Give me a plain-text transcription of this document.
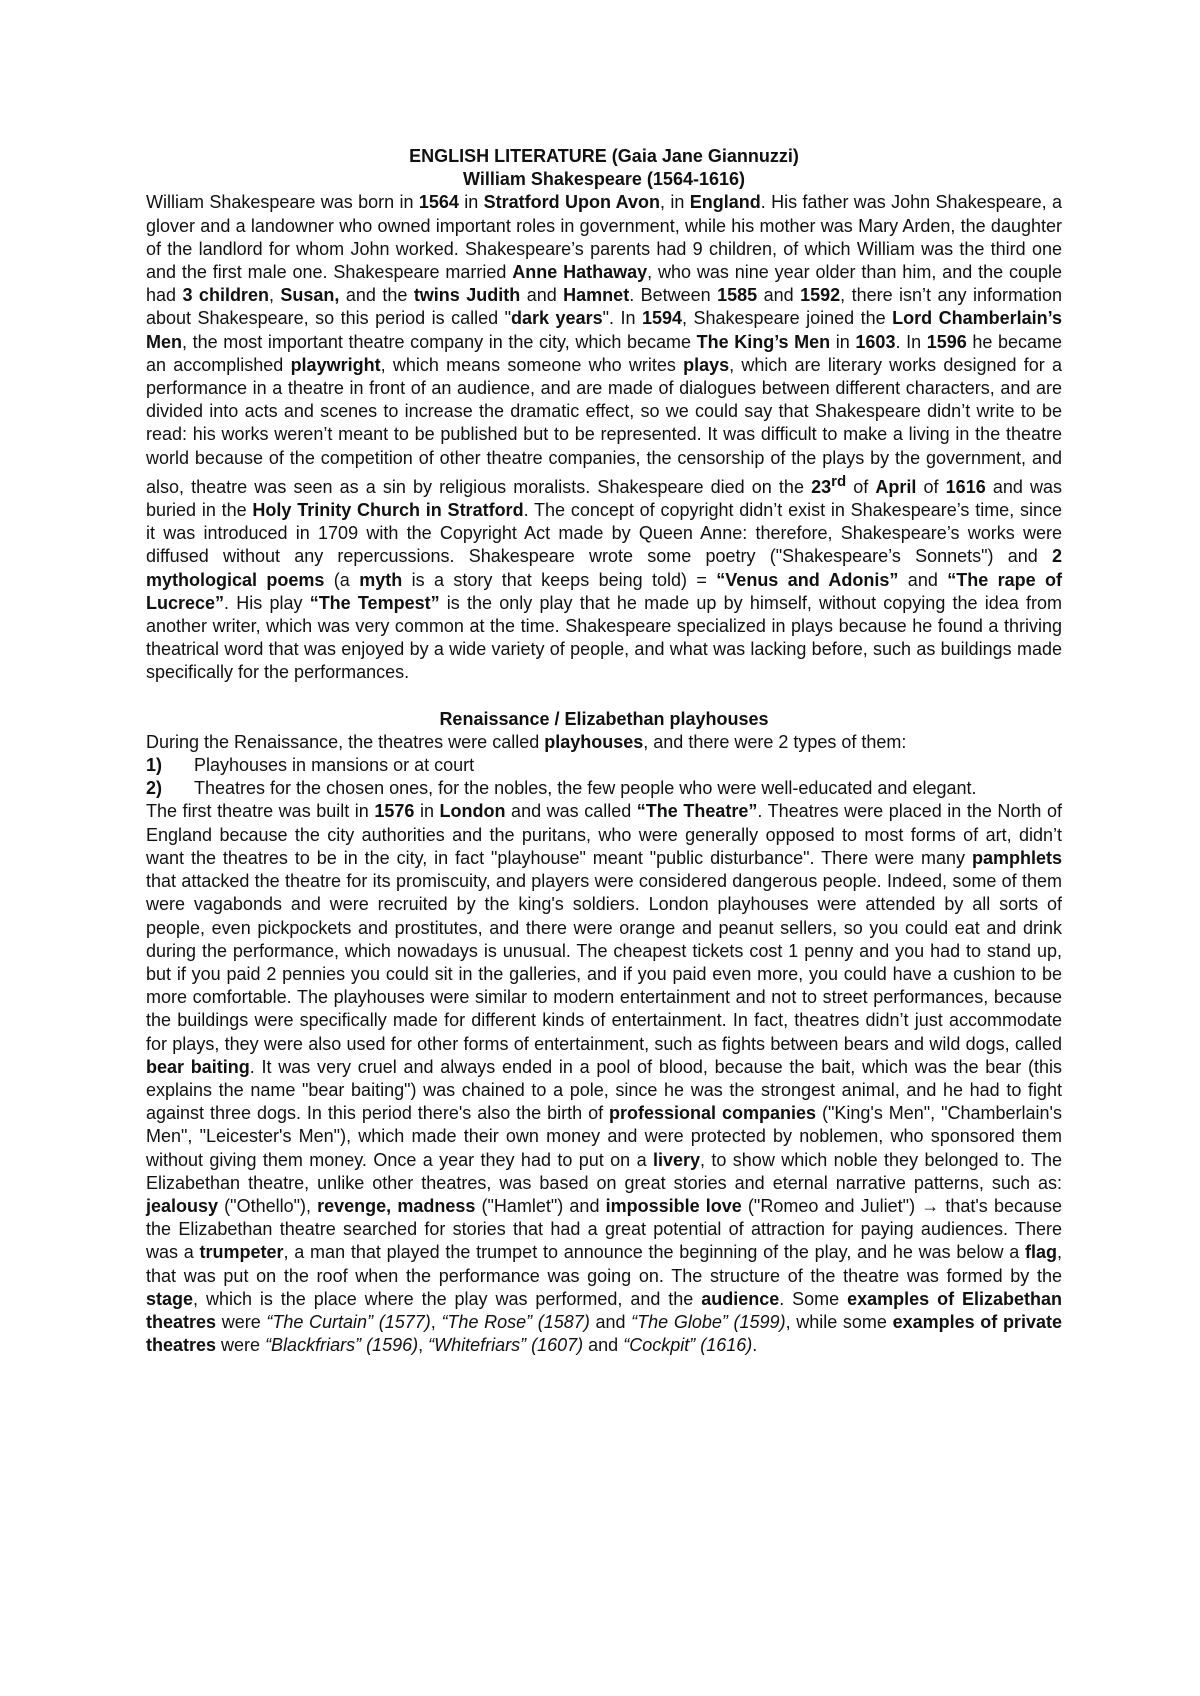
ENGLISH LITERATURE (Gaia Jane Giannuzzi)
William Shakespeare (1564-1616)

William Shakespeare was born in 1564 in Stratford Upon Avon, in England. His father was John Shakespeare, a glover and a landowner who owned important roles in government, while his mother was Mary Arden, the daughter of the landlord for whom John worked. Shakespeare’s parents had 9 children, of which William was the third one and the first male one. Shakespeare married Anne Hathaway, who was nine year older than him, and the couple had 3 children, Susan, and the twins Judith and Hamnet. Between 1585 and 1592, there isn’t any information about Shakespeare, so this period is called "dark years". In 1594, Shakespeare joined the Lord Chamberlain’s Men, the most important theatre company in the city, which became The King’s Men in 1603. In 1596 he became an accomplished playwright, which means someone who writes plays, which are literary works designed for a performance in a theatre in front of an audience, and are made of dialogues between different characters, and are divided into acts and scenes to increase the dramatic effect, so we could say that Shakespeare didn’t write to be read: his works weren’t meant to be published but to be represented. It was difficult to make a living in the theatre world because of the competition of other theatre companies, the censorship of the plays by the government, and also, theatre was seen as a sin by religious moralists. Shakespeare died on the 23rd of April of 1616 and was buried in the Holy Trinity Church in Stratford. The concept of copyright didn’t exist in Shakespeare’s time, since it was introduced in 1709 with the Copyright Act made by Queen Anne: therefore, Shakespeare’s works were diffused without any repercussions. Shakespeare wrote some poetry ("Shakespeare’s Sonnets") and 2 mythological poems (a myth is a story that keeps being told) = “Venus and Adonis” and “The rape of Lucrece”. His play “The Tempest” is the only play that he made up by himself, without copying the idea from another writer, which was very common at the time. Shakespeare specialized in plays because he found a thriving theatrical word that was enjoyed by a wide variety of people, and what was lacking before, such as buildings made specifically for the performances.

Renaissance / Elizabethan playhouses

During the Renaissance, the theatres were called playhouses, and there were 2 types of them:

1)	Playhouses in mansions or at court
2)	Theatres for the chosen ones, for the nobles, the few people who were well-educated and elegant.

The first theatre was built in 1576 in London and was called “The Theatre”. Theatres were placed in the North of England because the city authorities and the puritans, who were generally opposed to most forms of art, didn’t want the theatres to be in the city, in fact "playhouse" meant "public disturbance". There were many pamphlets that attacked the theatre for its promiscuity, and players were considered dangerous people. Indeed, some of them were vagabonds and were recruited by the king's soldiers. London playhouses were attended by all sorts of people, even pickpockets and prostitutes, and there were orange and peanut sellers, so you could eat and drink during the performance, which nowadays is unusual. The cheapest tickets cost 1 penny and you had to stand up, but if you paid 2 pennies you could sit in the galleries, and if you paid even more, you could have a cushion to be more comfortable. The playhouses were similar to modern entertainment and not to street performances, because the buildings were specifically made for different kinds of entertainment. In fact, theatres didn’t just accommodate for plays, they were also used for other forms of entertainment, such as fights between bears and wild dogs, called bear baiting. It was very cruel and always ended in a pool of blood, because the bait, which was the bear (this explains the name "bear baiting") was chained to a pole, since he was the strongest animal, and he had to fight against three dogs. In this period there's also the birth of professional companies ("King's Men", "Chamberlain's Men", "Leicester's Men"), which made their own money and were protected by noblemen, who sponsored them without giving them money. Once a year they had to put on a livery, to show which noble they belonged to. The Elizabethan theatre, unlike other theatres, was based on great stories and eternal narrative patterns, such as: jealousy ("Othello"), revenge, madness ("Hamlet") and impossible love ("Romeo and Juliet") → that's because the Elizabethan theatre searched for stories that had a great potential of attraction for paying audiences. There was a trumpeter, a man that played the trumpet to announce the beginning of the play, and he was below a flag, that was put on the roof when the performance was going on. The structure of the theatre was formed by the stage, which is the place where the play was performed, and the audience. Some examples of Elizabethan theatres were “The Curtain” (1577), “The Rose” (1587) and “The Globe” (1599), while some examples of private theatres were “Blackfriars” (1596), “Whitefriars” (1607) and “Cockpit” (1616).
